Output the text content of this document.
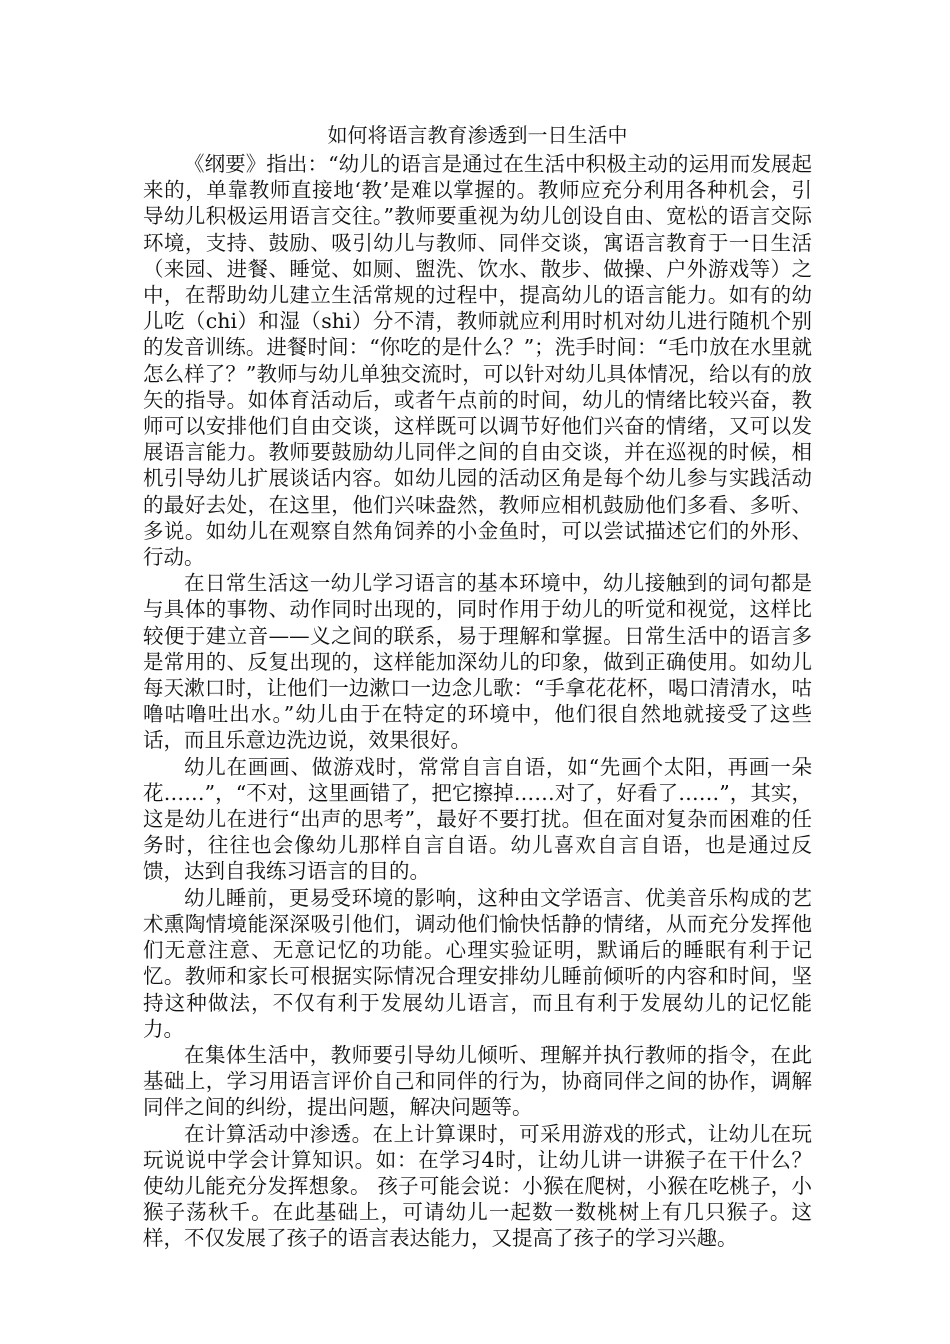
如何将语言教育渗透到一日生活中

《纲要》指出：“幼儿的语言是通过在生活中积极主动的运用而发展起来的，单靠教师直接地‘教’是难以掌握的。教师应充分利用各种机会，引导幼儿积极运用语言交往。”教师要重视为幼儿创设自由、宽松的语言交际环境，支持、鼓励、吸引幼儿与教师、同伴交谈，寓语言教育于一日生活（来园、进餐、睡觉、如厕、盥洗、饮水、散步、做操、户外游戏等）之中，在帮助幼儿建立生活常规的过程中，提高幼儿的语言能力。如有的幼儿吃（chi）和湿（shi）分不清，教师就应利用时机对幼儿进行随机个别的发音训练。进餐时间：“你吃的是什么？”；洗手时间：“毛巾放在水里就怎么样了？”教师与幼儿单独交流时，可以针对幼儿具体情况，给以有的放矢的指导。如体育活动后，或者午点前的时间，幼儿的情绪比较兴奋，教师可以安排他们自由交谈，这样既可以调节好他们兴奋的情绪，又可以发展语言能力。教师要鼓励幼儿同伴之间的自由交谈，并在巡视的时候，相机引导幼儿扩展谈话内容。如幼儿园的活动区角是每个幼儿参与实践活动的最好去处，在这里，他们兴味盎然，教师应相机鼓励他们多看、多听、多说。如幼儿在观察自然角饲养的小金鱼时，可以尝试描述它们的外形、行动。

在日常生活这一幼儿学习语言的基本环境中，幼儿接触到的词句都是与具体的事物、动作同时出现的，同时作用于幼儿的听觉和视觉，这样比较便于建立音——义之间的联系，易于理解和掌握。日常生活中的语言多是常用的、反复出现的，这样能加深幼儿的印象，做到正确使用。如幼儿每天漱口时，让他们一边漱口一边念儿歌：“手拿花花杯，喝口清清水，咕噜咕噜吐出水。”幼儿由于在特定的环境中，他们很自然地就接受了这些话，而且乐意边洗边说，效果很好。

幼儿在画画、做游戏时，常常自言自语，如“先画个太阳，再画一朵花……”，“不对，这里画错了，把它擦掉……对了，好看了……”，其实，这是幼儿在进行“出声的思考”，最好不要打扰。但在面对复杂而困难的任务时，往往也会像幼儿那样自言自语。幼儿喜欢自言自语，也是通过反馈，达到自我练习语言的目的。

幼儿睡前，更易受环境的影响，这种由文学语言、优美音乐构成的艺术熏陶情境能深深吸引他们，调动他们愉快恬静的情绪，从而充分发挥他们无意注意、无意记忆的功能。心理实验证明，默诵后的睡眠有利于记忆。教师和家长可根据实际情况合理安排幼儿睡前倾听的内容和时间，坚持这种做法，不仅有利于发展幼儿语言，而且有利于发展幼儿的记忆能力。

在集体生活中，教师要引导幼儿倾听、理解并执行教师的指令，在此基础上，学习用语言评价自己和同伴的行为，协商同伴之间的协作，调解同伴之间的纠纷，提出问题，解决问题等。

在计算活动中渗透。在上计算课时，可采用游戏的形式，让幼儿在玩玩说说中学会计算知识。如：在学习4时，让幼儿讲一讲猴子在干什么？使幼儿能充分发挥想象。 孩子可能会说：小猴在爬树，小猴在吃桃子，小猴子荡秋千。在此基础上，可请幼儿一起数一数桃树上有几只猴子。这样，不仅发展了孩子的语言表达能力，又提高了孩子的学习兴趣。
